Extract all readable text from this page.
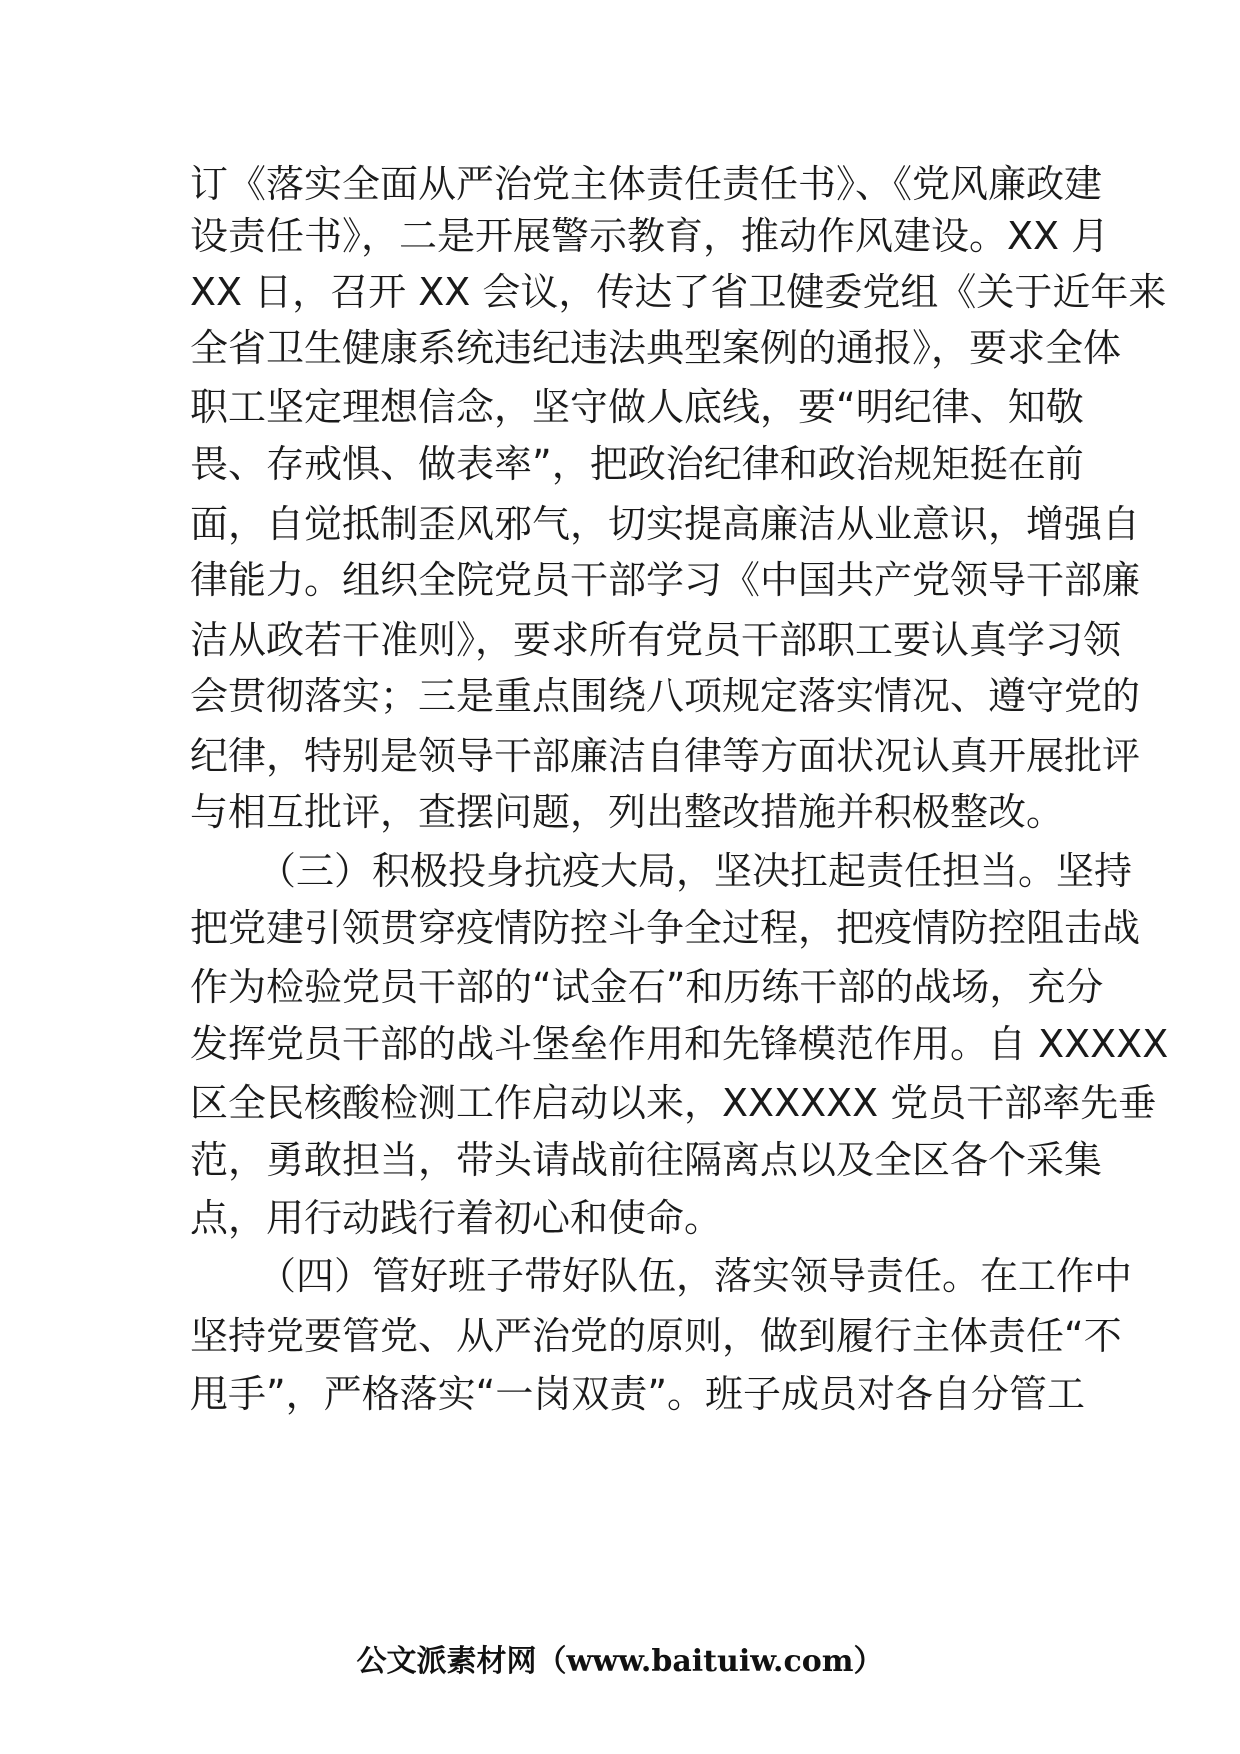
订《落实全面从严治党主体责任责任书》、《党风廉政建
设责任书》，二是开展警示教育，推动作风建设。XX 月
XX 日，召开 XX 会议，传达了省卫健委党组《关于近年来
全省卫生健康系统违纪违法典型案例的通报》，要求全体
职工坚定理想信念，坚守做人底线，要“明纪律、知敬
畏、存戒惧、做表率”，把政治纪律和政治规矩挺在前
面，自觉抵制歪风邪气，切实提高廉洁从业意识，增强自
律能力。组织全院党员干部学习《中国共产党领导干部廉
洁从政若干准则》，要求所有党员干部职工要认真学习领
会贯彻落实；三是重点围绕八项规定落实情况、遵守党的
纪律，特别是领导干部廉洁自律等方面状况认真开展批评
与相互批评，查摆问题，列出整改措施并积极整改。
（三）积极投身抗疫大局，坚决扛起责任担当。坚持
把党建引领贯穿疫情防控斗争全过程，把疫情防控阻击战
作为检验党员干部的“试金石”和历练干部的战场，充分
发挥党员干部的战斗堡垒作用和先锋模范作用。自 XXXXX
区全民核酸检测工作启动以来，XXXXXX 党员干部率先垂
范，勇敢担当，带头请战前往隔离点以及全区各个采集
点，用行动践行着初心和使命。
（四）管好班子带好队伍，落实领导责任。在工作中
坚持党要管党、从严治党的原则，做到履行主体责任“不
甩手”，严格落实“一岗双责”。班子成员对各自分管工
公文派素材网（www.baituiw.com）
